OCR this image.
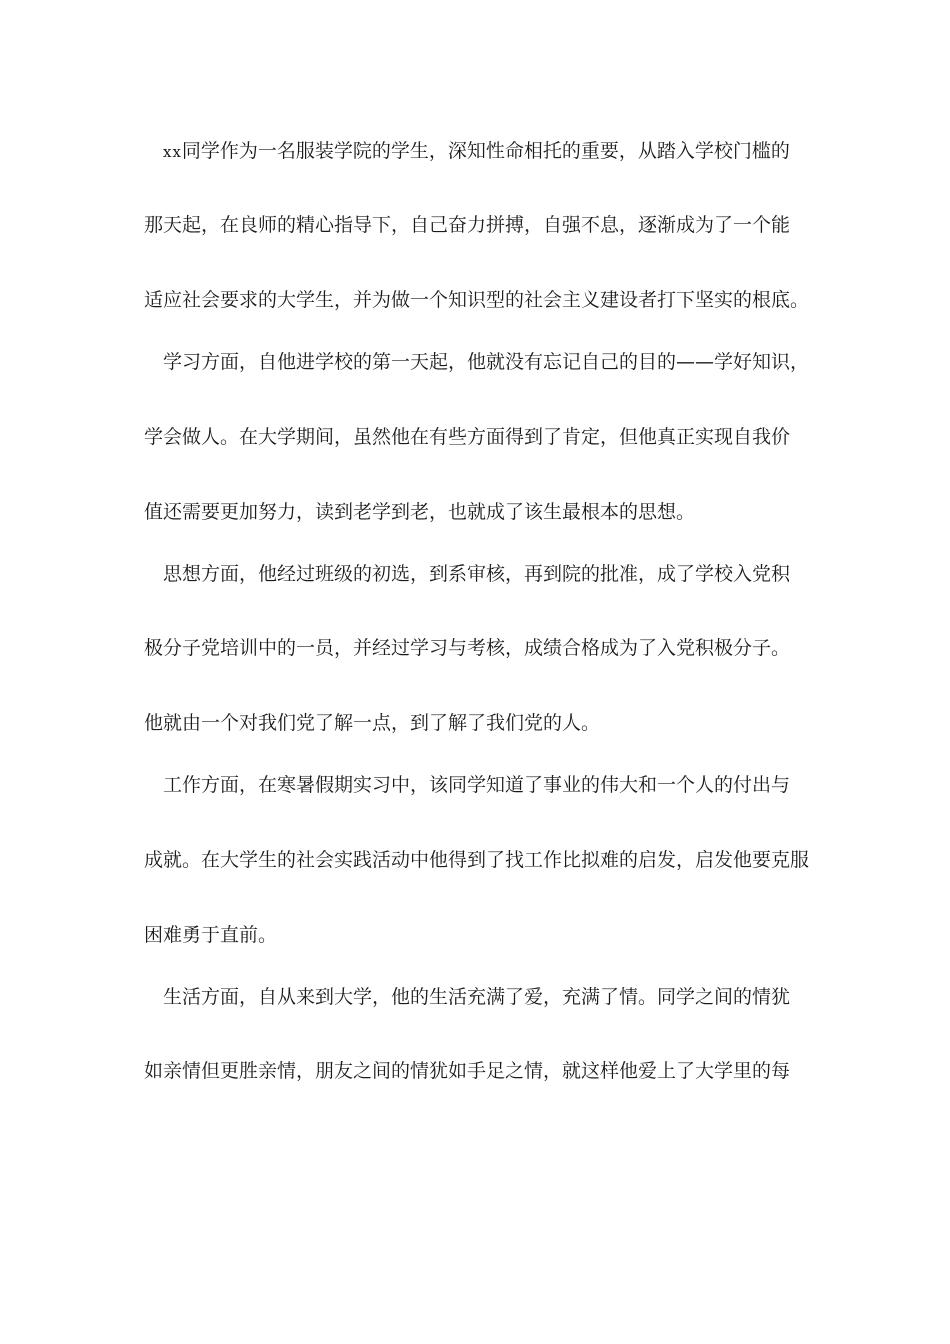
xx同学作为一名服装学院的学生，深知性命相托的重要，从踏入学校门槛的
那天起，在良师的精心指导下，自己奋力拼搏，自强不息，逐渐成为了一个能
适应社会要求的大学生，并为做一个知识型的社会主义建设者打下坚实的根底。
学习方面，自他进学校的第一天起，他就没有忘记自己的目的——学好知识，
学会做人。在大学期间，虽然他在有些方面得到了肯定，但他真正实现自我价
值还需要更加努力，读到老学到老，也就成了该生最根本的思想。
思想方面，他经过班级的初选，到系审核，再到院的批准，成了学校入党积
极分子党培训中的一员，并经过学习与考核，成绩合格成为了入党积极分子。
他就由一个对我们党了解一点，到了解了我们党的人。
工作方面，在寒暑假期实习中，该同学知道了事业的伟大和一个人的付出与
成就。在大学生的社会实践活动中他得到了找工作比拟难的启发，启发他要克服
困难勇于直前。
生活方面，自从来到大学，他的生活充满了爱，充满了情。同学之间的情犹
如亲情但更胜亲情，朋友之间的情犹如手足之情，就这样他爱上了大学里的每
